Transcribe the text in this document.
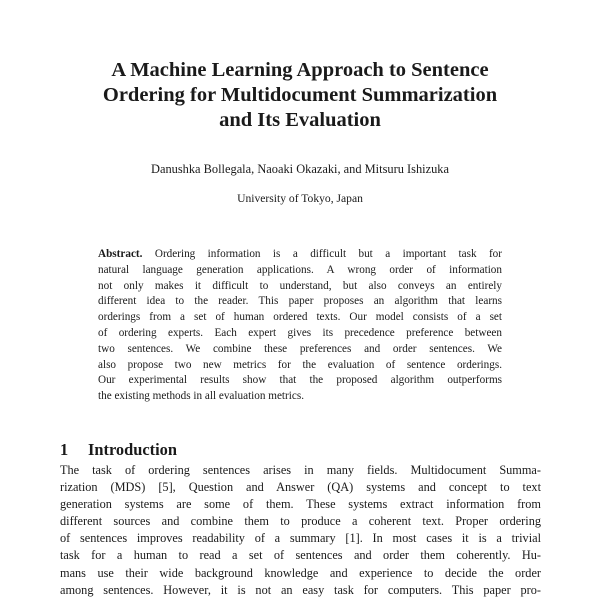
A Machine Learning Approach to Sentence
Ordering for Multidocument Summarization
and Its Evaluation
Danushka Bollegala, Naoaki Okazaki, and Mitsuru Ishizuka
University of Tokyo, Japan
Abstract. Ordering information is a difficult but a important task for
natural language generation applications. A wrong order of information
not only makes it difficult to understand, but also conveys an entirely
different idea to the reader. This paper proposes an algorithm that learns
orderings from a set of human ordered texts. Our model consists of a set
of ordering experts. Each expert gives its precedence preference between
two sentences. We combine these preferences and order sentences. We
also propose two new metrics for the evaluation of sentence orderings.
Our experimental results show that the proposed algorithm outperforms
the existing methods in all evaluation metrics.
1 Introduction
The task of ordering sentences arises in many fields. Multidocument Summa-
rization (MDS) [5], Question and Answer (QA) systems and concept to text
generation systems are some of them. These systems extract information from
different sources and combine them to produce a coherent text. Proper ordering
of sentences improves readability of a summary [1]. In most cases it is a trivial
task for a human to read a set of sentences and order them coherently. Hu-
mans use their wide background knowledge and experience to decide the order
among sentences. However, it is not an easy task for computers. This paper pro-
